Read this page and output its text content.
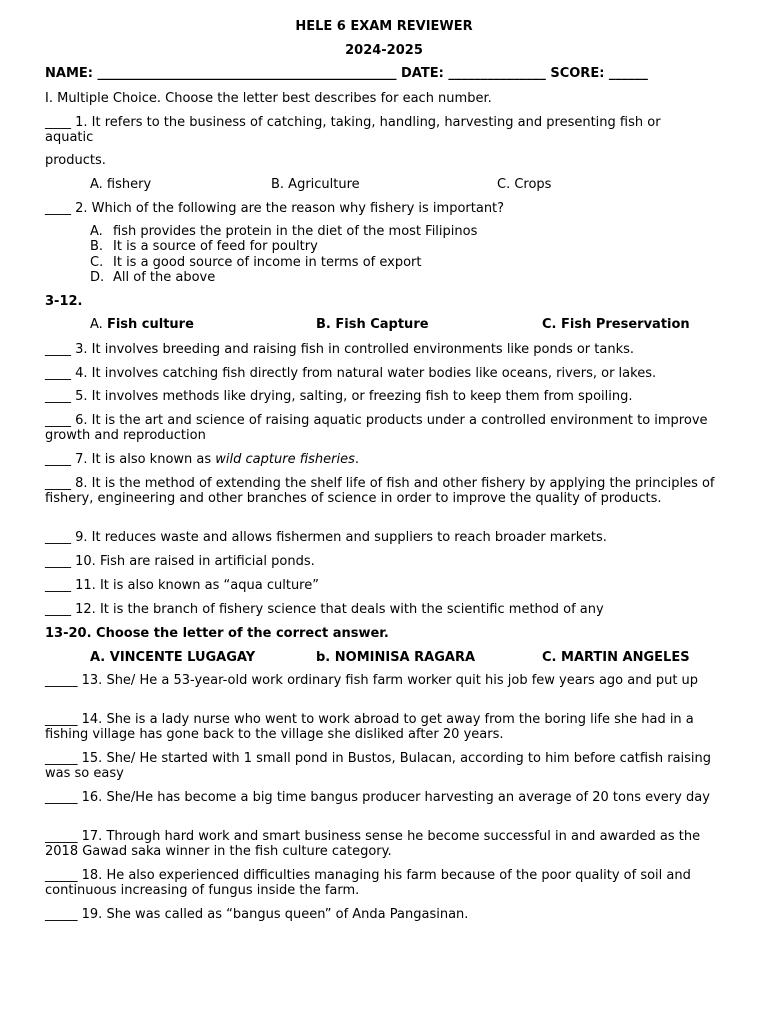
HELE 6 EXAM REVIEWER
2024-2025
NAME: ______________________________________________ DATE: _______________ SCORE: ______
I. Multiple Choice. Choose the letter best describes for each number.
____ 1. It refers to the business of catching, taking, handling, harvesting and presenting fish or
aquatic
products.
A. fishery	B. Agriculture	C. Crops
____ 2. Which of the following are the reason why fishery is important?
A. fish provides the protein in the diet of the most Filipinos
B. It is a source of feed for poultry
C. It is a good source of income in terms of export
D. All of the above
3-12.
A. Fish culture	B. Fish Capture	C. Fish Preservation
____ 3. It involves breeding and raising fish in controlled environments like ponds or tanks.
____ 4. It involves catching fish directly from natural water bodies like oceans, rivers, or lakes.
____ 5. It involves methods like drying, salting, or freezing fish to keep them from spoiling.
____ 6. It is the art and science of raising aquatic products under a controlled environment to improve growth and reproduction
____ 7. It is also known as wild capture fisheries.
____ 8. It is the method of extending the shelf life of fish and other fishery by applying the principles of fishery, engineering and other branches of science in order to improve the quality of products.
____ 9. It reduces waste and allows fishermen and suppliers to reach broader markets.
____ 10. Fish are raised in artificial ponds.
____ 11. It is also known as “aqua culture”
____ 12. It is the branch of fishery science that deals with the scientific method of any
13-20. Choose the letter of the correct answer.
A. VINCENTE LUGAGAY	b. NOMINISA RAGARA	C. MARTIN ANGELES
_____ 13. She/ He a 53-year-old work ordinary fish farm worker quit his job few years ago and put up
_____ 14. She is a lady nurse who went to work abroad to get away from the boring life she had in a fishing village has gone back to the village she disliked after 20 years.
_____ 15. She/ He started with 1 small pond in Bustos, Bulacan, according to him before catfish raising was so easy
_____ 16. She/He has become a big time bangus producer harvesting an average of 20 tons every day
_____ 17. Through hard work and smart business sense he become successful in and awarded as the 2018 Gawad saka winner in the fish culture category.
_____ 18. He also experienced difficulties managing his farm because of the poor quality of soil and continuous increasing of fungus inside the farm.
_____ 19. She was called as “bangus queen” of Anda Pangasinan.
